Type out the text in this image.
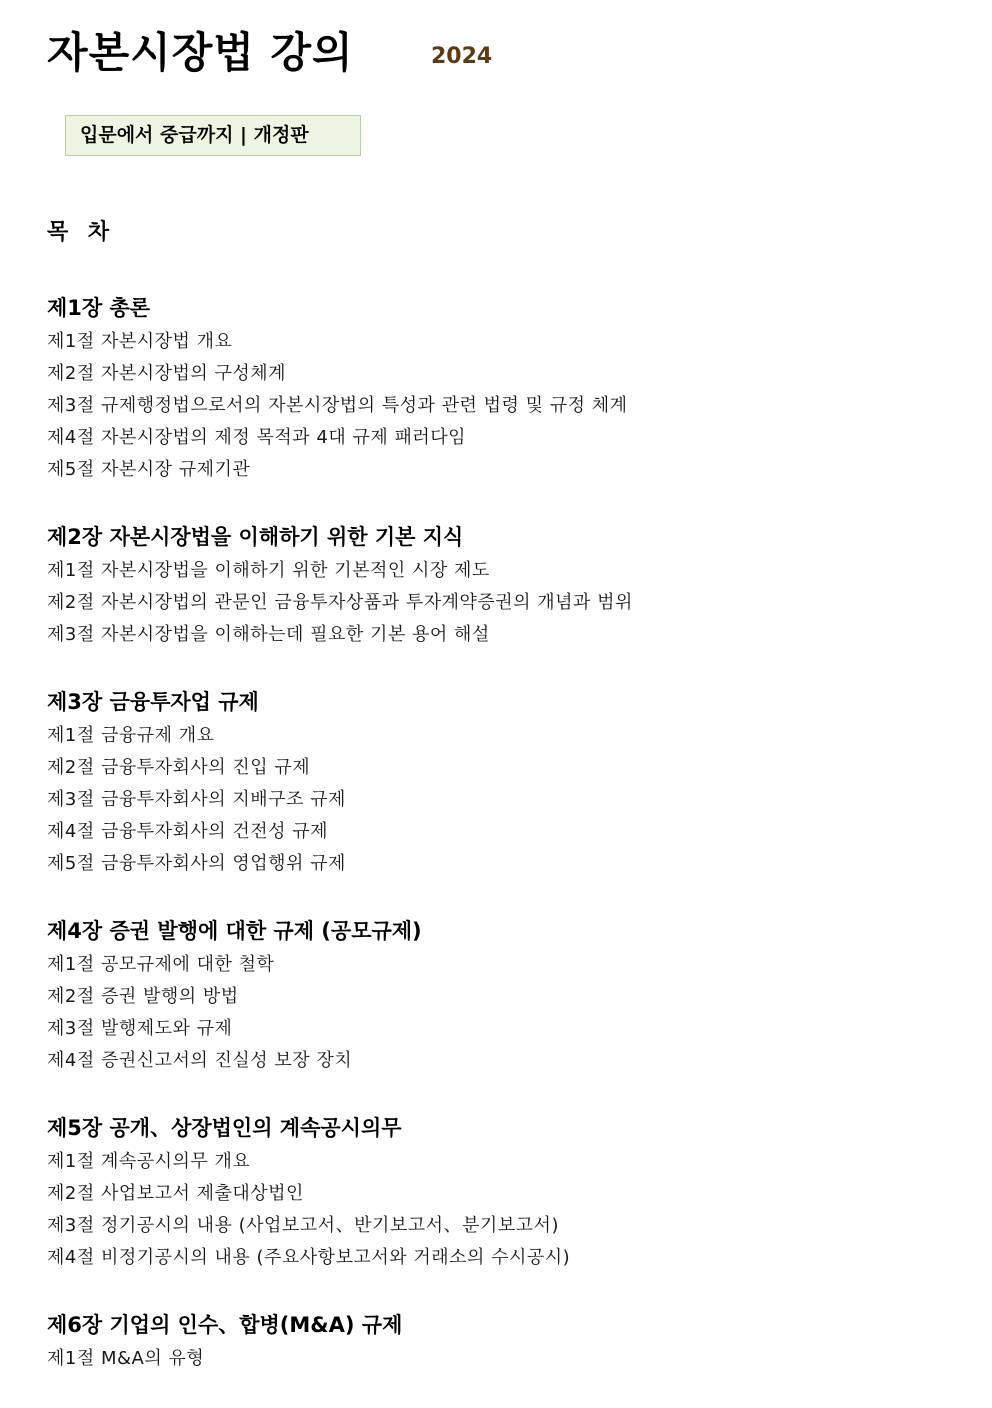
자본시장법 강의	2024
입문에서 중급까지 | 개정판
목 차
제1장 총론
제1절 자본시장법 개요
제2절 자본시장법의 구성체계
제3절 규제행정법으로서의 자본시장법의 특성과 관련 법령 및 규정 체계
제4절 자본시장법의 제정 목적과 4대 규제 패러다임
제5절 자본시장 규제기관
제2장 자본시장법을 이해하기 위한 기본 지식
제1절 자본시장법을 이해하기 위한 기본적인 시장 제도
제2절 자본시장법의 관문인 금융투자상품과 투자계약증권의 개념과 범위
제3절 자본시장법을 이해하는데 필요한 기본 용어 해설
제3장 금융투자업 규제
제1절 금융규제 개요
제2절 금융투자회사의 진입 규제
제3절 금융투자회사의 지배구조 규제
제4절 금융투자회사의 건전성 규제
제5절 금융투자회사의 영업행위 규제
제4장 증권 발행에 대한 규제 (공모규제)
제1절 공모규제에 대한 철학
제2절 증권 발행의 방법
제3절 발행제도와 규제
제4절 증권신고서의 진실성 보장 장치
제5장 공개、상장법인의 계속공시의무
제1절 계속공시의무 개요
제2절 사업보고서 제출대상법인
제3절 정기공시의 내용 (사업보고서、반기보고서、분기보고서)
제4절 비정기공시의 내용 (주요사항보고서와 거래소의 수시공시)
제6장 기업의 인수、합병(M&A) 규제
제1절 M&A의 유형
